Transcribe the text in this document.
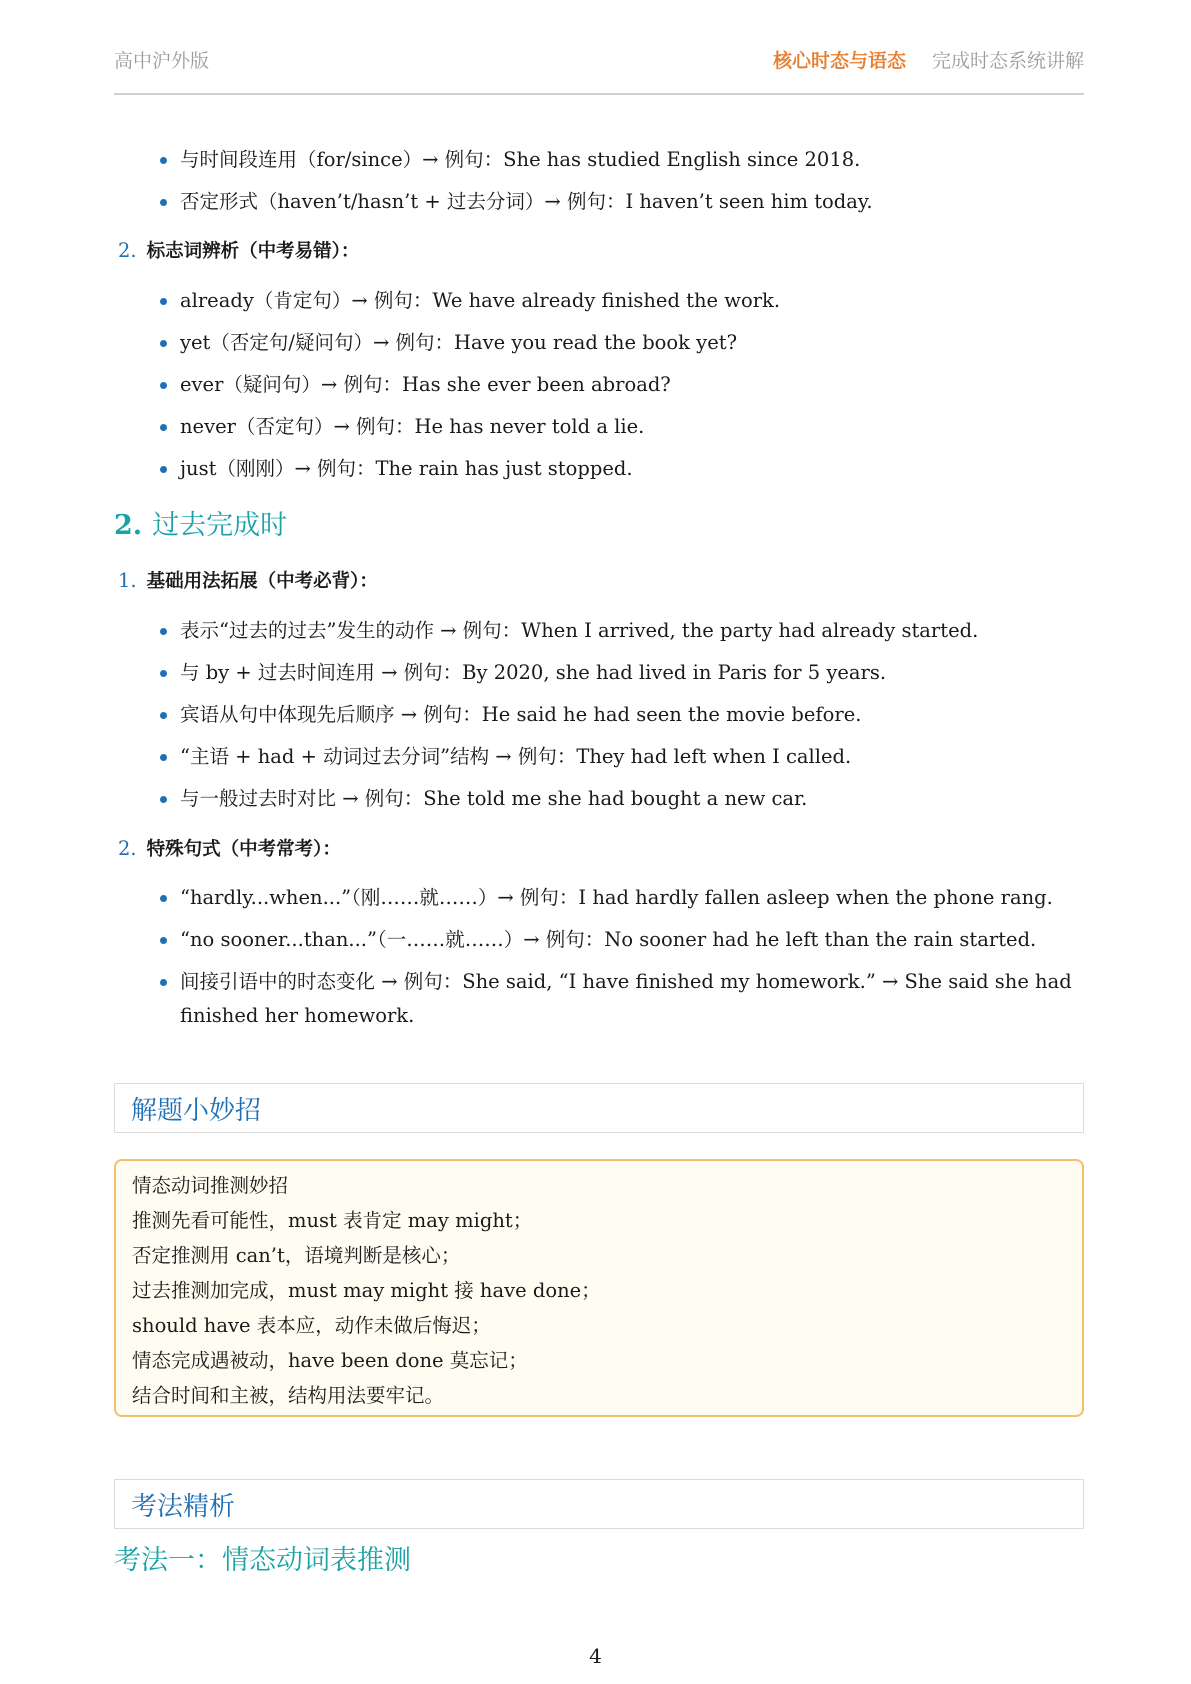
高中沪外版	核心时态与语态 完成时态系统讲解
与时间段连用（for/since）→ 例句：She has studied English since 2018.
否定形式（haven’t/hasn’t + 过去分词）→ 例句：I haven’t seen him today.
2. 标志词辨析（中考易错）：
already（肯定句）→ 例句：We have already finished the work.
yet（否定句/疑问句）→ 例句：Have you read the book yet?
ever（疑问句）→ 例句：Has she ever been abroad?
never（否定句）→ 例句：He has never told a lie.
just（刚刚）→ 例句：The rain has just stopped.
2. 过去完成时
1. 基础用法拓展（中考必背）：
表示“过去的过去”发生的动作 → 例句：When I arrived, the party had already started.
与 by + 过去时间连用 → 例句：By 2020, she had lived in Paris for 5 years.
宾语从句中体现先后顺序 → 例句：He said he had seen the movie before.
“主语 + had + 动词过去分词”结构 → 例句：They had left when I called.
与一般过去时对比 → 例句：She told me she had bought a new car.
2. 特殊句式（中考常考）：
“hardly...when...”（刚……就……）→ 例句：I had hardly fallen asleep when the phone rang.
“no sooner...than...”（一……就……）→ 例句：No sooner had he left than the rain started.
间接引语中的时态变化 → 例句：She said, “I have finished my homework.” → She said she had
finished her homework.
解题小妙招
情态动词推测妙招
推测先看可能性，must 表肯定 may might；
否定推测用 can’t，语境判断是核心；
过去推测加完成，must may might 接 have done；
should have 表本应，动作未做后悔迟；
情态完成遇被动，have been done 莫忘记；
结合时间和主被，结构用法要牢记。
考法精析
考法一：情态动词表推测
4
